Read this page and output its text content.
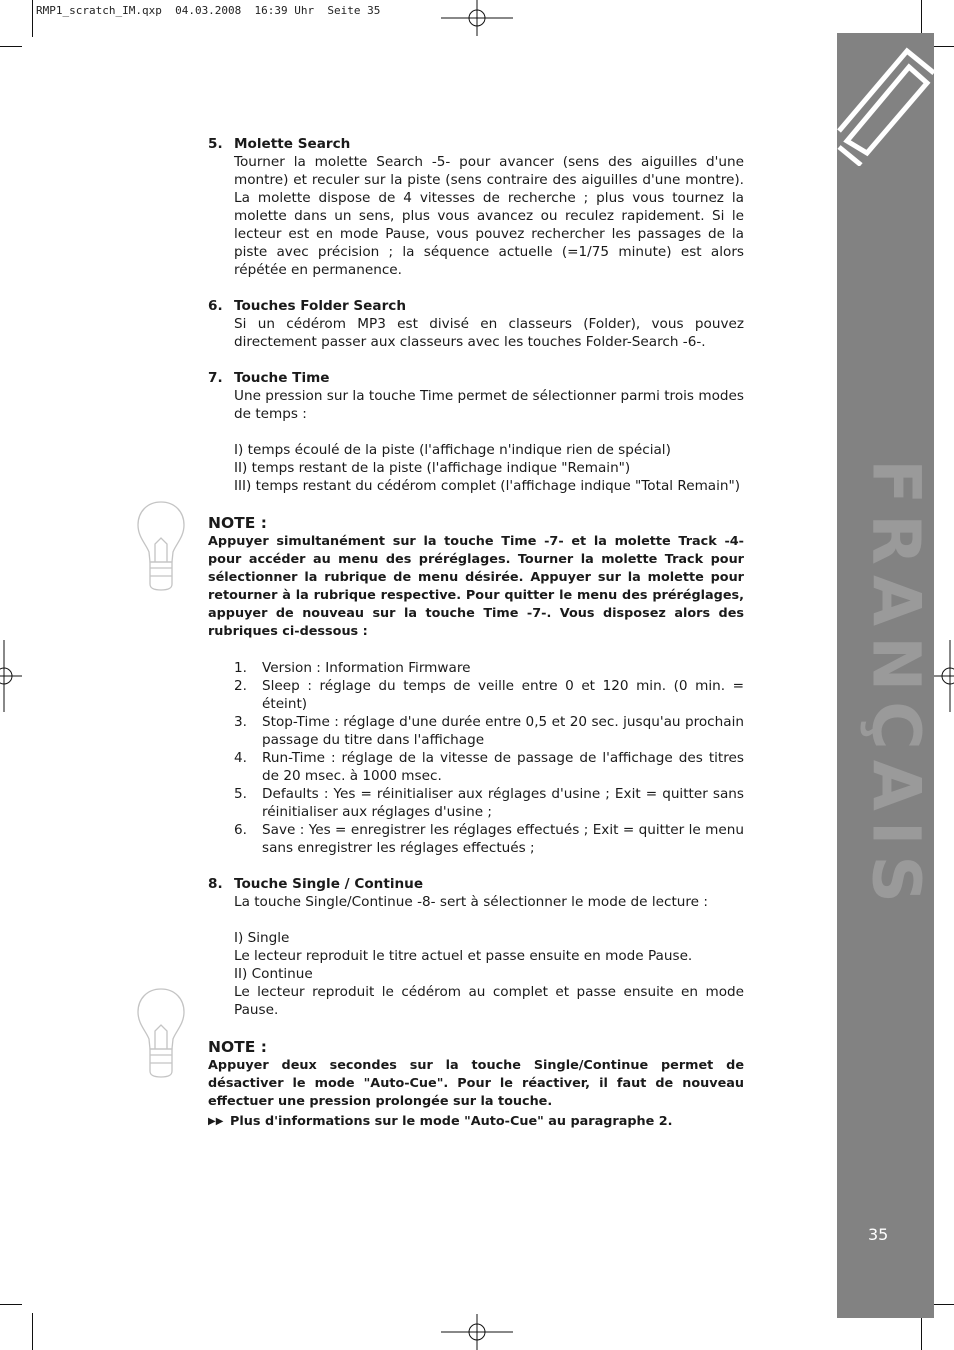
RMP1_scratch_IM.qxp  04.03.2008  16:39 Uhr  Seite 35
FRANÇAIS
35
5. Molette Search

Tourner la molette Search -5- pour avancer (sens des aiguilles d'une montre) et reculer sur la piste (sens contraire des aiguilles d'une montre). La molette dispose de 4 vitesses de recherche ; plus vous tournez la molette dans un sens, plus vous avancez ou reculez rapidement. Si le lecteur est en mode Pause, vous pouvez rechercher les passages de la piste avec précision ; la séquence actuelle (=1/75 minute) est alors répétée en permanence.

6. Touches Folder Search

Si un cédérom MP3 est divisé en classeurs (Folder), vous pouvez directement passer aux classeurs avec les touches Folder-Search -6-.

7. Touche Time

Une pression sur la touche Time permet de sélectionner parmi trois modes de temps :

I) temps écoulé de la piste (l'affichage n'indique rien de spécial)

II) temps restant de la piste (l'affichage indique "Remain")

III) temps restant du cédérom complet (l'affichage indique "Total Remain")

NOTE :
Appuyer simultanément sur la touche Time -7- et la molette Track -4- pour accéder au menu des préréglages. Tourner la molette Track pour sélectionner la rubrique de menu désirée. Appuyer sur la molette pour retourner à la rubrique respective. Pour quitter le menu des préréglages, appuyer de nouveau sur la touche Time -7-. Vous disposez alors des rubriques ci-dessous :
1.	Version : Information Firmware
2.	Sleep : réglage du temps de veille entre 0 et 120 min. (0 min. = éteint)
3.	Stop-Time : réglage d'une durée entre 0,5 et 20 sec. jusqu'au prochain passage du titre dans l'affichage
4.	Run-Time : réglage de la vitesse de passage de l'affichage des titres de 20 msec. à 1000 msec.
5.	Defaults : Yes = réinitialiser aux réglages d'usine ; Exit = quitter sans réinitialiser aux réglages d'usine ;
6.	Save : Yes = enregistrer les réglages effectués ; Exit = quitter le menu sans enregistrer les réglages effectués ;
8. Touche Single / Continue

La touche Single/Continue -8- sert à sélectionner le mode de lecture :

I) Single

Le lecteur reproduit le titre actuel et passe ensuite en mode Pause.

II) Continue

Le lecteur reproduit le cédérom au complet et passe ensuite en mode Pause.

NOTE :
Appuyer deux secondes sur la touche Single/Continue permet de désactiver le mode "Auto-Cue". Pour le réactiver, il faut de nouveau effectuer une pression prolongée sur la touche.
▶▶ Plus d'informations sur le mode "Auto-Cue" au paragraphe 2.
